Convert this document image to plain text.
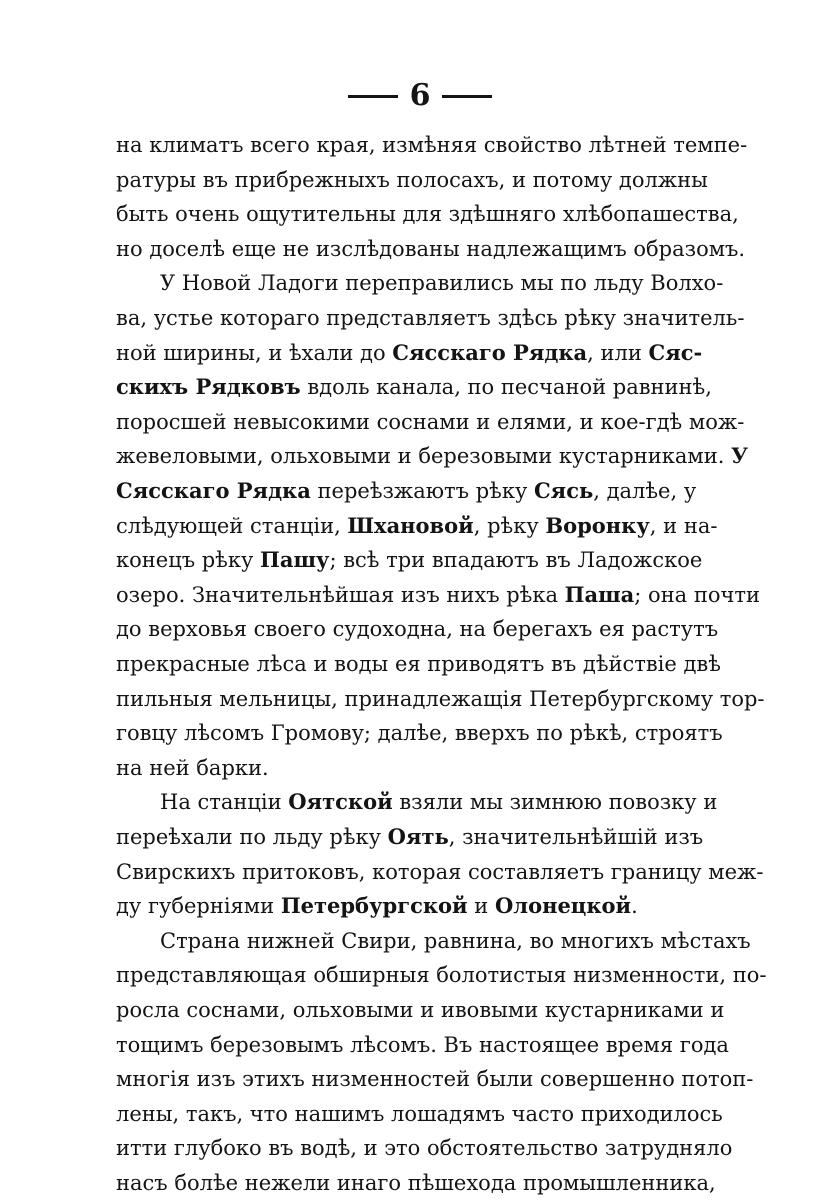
6
на климатъ всего края, измѣняя свойство лѣтней темпе-
ратуры въ прибрежныхъ полосахъ, и потому должны
быть очень ощутительны для здѣшняго хлѣбопашества,
но доселѣ еще не изслѣдованы надлежащимъ образомъ.
У Новой Ладоги переправились мы по льду Волхо-
ва, устье котораго представляетъ здѣсь рѣку значитель-
ной ширины, и ѣхали до Сясскаго Рядка, или Сяс-
скихъ Рядковъ вдоль канала, по песчаной равнинѣ,
поросшей невысокими соснами и елями, и кое-гдѣ мож-
жевеловыми, ольховыми и березовыми кустарниками. У
Сясскаго Рядка переѣзжаютъ рѣку Сясь, далѣе, у
слѣдующей станціи, Шхановой, рѣку Воронку, и на-
конецъ рѣку Пашу; всѣ три впадаютъ въ Ладожское
озеро. Значительнѣйшая изъ нихъ рѣка Паша; она почти
до верховья своего судоходна, на берегахъ ея растутъ
прекрасные лѣса и воды ея приводятъ въ дѣйствіе двѣ
пильныя мельницы, принадлежащія Петербургскому тор-
говцу лѣсомъ Громову; далѣе, вверхъ по рѣкѣ, строятъ
на ней барки.
На станціи Оятской взяли мы зимнюю повозку и
переѣхали по льду рѣку Оять, значительнѣйшій изъ
Свирскихъ притоковъ, которая составляетъ границу меж-
ду губерніями Петербургской и Олонецкой.
Страна нижней Свири, равнина, во многихъ мѣстахъ
представляющая обширныя болотистыя низменности, по-
росла соснами, ольховыми и ивовыми кустарниками и
тощимъ березовымъ лѣсомъ. Въ настоящее время года
многія изъ этихъ низменностей были совершенно потоп-
лены, такъ, что нашимъ лошадямъ часто приходилось
итти глубоко въ водѣ, и это обстоятельство затрудняло
насъ болѣе нежели инаго пѣшехода промышленника,
